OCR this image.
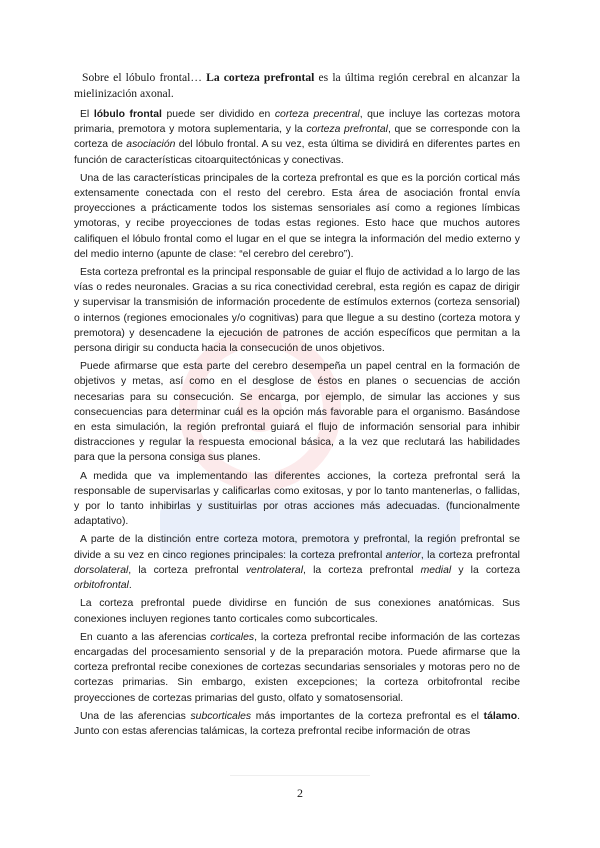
Sobre el lóbulo frontal… La corteza prefrontal es la última región cerebral en alcanzar la mielinización axonal.

El lóbulo frontal puede ser dividido en corteza precentral, que incluye las cortezas motora primaria, premotora y motora suplementaria, y la corteza prefrontal, que se corresponde con la corteza de asociación del lóbulo frontal. A su vez, esta última se dividirá en diferentes partes en función de características citoarquitectónicas y conectivas.

Una de las características principales de la corteza prefrontal es que es la porción cortical más extensamente conectada con el resto del cerebro. Esta área de asociación frontal envía proyecciones a prácticamente todos los sistemas sensoriales así como a regiones límbicas ymotoras, y recibe proyecciones de todas estas regiones. Esto hace que muchos autores califiquen el lóbulo frontal como el lugar en el que se integra la información del medio externo y del medio interno (apunte de clase: “el cerebro del cerebro”).

Esta corteza prefrontal es la principal responsable de guiar el flujo de actividad a lo largo de las vías o redes neuronales. Gracias a su rica conectividad cerebral, esta región es capaz de dirigir y supervisar la transmisión de información procedente de estímulos externos (corteza sensorial) o internos (regiones emocionales y/o cognitivas) para que llegue a su destino (corteza motora y premotora) y desencadene la ejecución de patrones de acción específicos que permitan a la persona dirigir su conducta hacia la consecución de unos objetivos.

Puede afirmarse que esta parte del cerebro desempeña un papel central en la formación de objetivos y metas, así como en el desglose de éstos en planes o secuencias de acción necesarias para su consecución. Se encarga, por ejemplo, de simular las acciones y sus consecuencias para determinar cuál es la opción más favorable para el organismo. Basándose en esta simulación, la región prefrontal guiará el flujo de información sensorial para inhibir distracciones y regular la respuesta emocional básica, a la vez que reclutará las habilidades para que la persona consiga sus planes.

A medida que va implementando las diferentes acciones, la corteza prefrontal será la responsable de supervisarlas y calificarlas como exitosas, y por lo tanto mantenerlas, o fallidas, y por lo tanto inhibirlas y sustituirlas por otras acciones más adecuadas. (funcionalmente adaptativo).

A parte de la distinción entre corteza motora, premotora y prefrontal, la región prefrontal se divide a su vez en cinco regiones principales: la corteza prefrontal anterior, la corteza prefrontal dorsolateral, la corteza prefrontal ventrolateral, la corteza prefrontal medial y la corteza orbitofrontal.

La corteza prefrontal puede dividirse en función de sus conexiones anatómicas. Sus conexiones incluyen regiones tanto corticales como subcorticales.

En cuanto a las aferencias corticales, la corteza prefrontal recibe información de las cortezas encargadas del procesamiento sensorial y de la preparación motora. Puede afirmarse que la corteza prefrontal recibe conexiones de cortezas secundarias sensoriales y motoras pero no de cortezas primarias. Sin embargo, existen excepciones; la corteza orbitofrontal recibe proyecciones de cortezas primarias del gusto, olfato y somatosensorial.

Una de las aferencias subcorticales más importantes de la corteza prefrontal es el tálamo. Junto con estas aferencias talámicas, la corteza prefrontal recibe información de otras

2
